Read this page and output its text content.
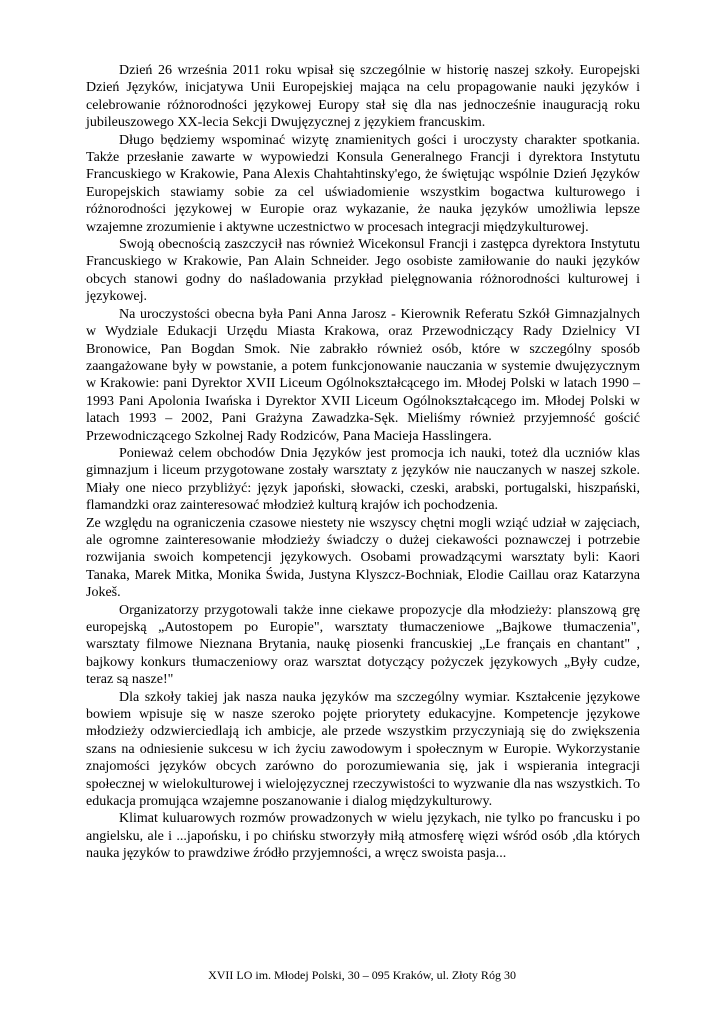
Dzień 26 września 2011 roku wpisał się szczególnie w historię naszej szkoły. Europejski Dzień Języków, inicjatywa Unii Europejskiej mająca na celu propagowanie nauki języków i celebrowanie różnorodności językowej Europy stał się dla nas jednocześnie inauguracją roku jubileuszowego XX-lecia Sekcji Dwujęzycznej z językiem francuskim.

Długo będziemy wspominać wizytę znamienitych gości i uroczysty charakter spotkania. Także przesłanie zawarte w wypowiedzi Konsula Generalnego Francji i dyrektora Instytutu Francuskiego w Krakowie, Pana Alexis Chahtahtinsky'ego, że świętując wspólnie Dzień Języków Europejskich stawiamy sobie za cel uświadomienie wszystkim bogactwa kulturowego i różnorodności językowej w Europie oraz wykazanie, że nauka języków umożliwia lepsze wzajemne zrozumienie i aktywne uczestnictwo w procesach integracji międzykulturowej.

Swoją obecnością zaszczycił nas również Wicekonsul Francji i zastępca dyrektora Instytutu Francuskiego w Krakowie, Pan Alain Schneider. Jego osobiste zamiłowanie do nauki języków obcych stanowi godny do naśladowania przykład pielęgnowania różnorodności kulturowej i językowej.

Na uroczystości obecna była Pani Anna Jarosz - Kierownik Referatu Szkół Gimnazjalnych w Wydziale Edukacji Urzędu Miasta Krakowa, oraz Przewodniczący Rady Dzielnicy VI Bronowice, Pan Bogdan Smok. Nie zabrakło również osób, które w szczególny sposób zaangażowane były w powstanie, a potem funkcjonowanie nauczania w systemie dwujęzycznym w Krakowie: pani Dyrektor XVII Liceum Ogólnokształcącego im. Młodej Polski w latach 1990 – 1993 Pani Apolonia Iwańska i Dyrektor XVII Liceum Ogólnokształcącego im. Młodej Polski w latach 1993 – 2002, Pani Grażyna Zawadzka-Sęk. Mieliśmy również przyjemność gościć Przewodniczącego Szkolnej Rady Rodziców, Pana Macieja Hasslingera.

Ponieważ celem obchodów Dnia Języków jest promocja ich nauki, toteż dla uczniów klas gimnazjum i liceum przygotowane zostały warsztaty z języków nie nauczanych w naszej szkole. Miały one nieco przybliżyć: język japoński, słowacki, czeski, arabski, portugalski, hiszpański, flamandzki oraz zainteresować młodzież kulturą krajów ich pochodzenia.

Ze względu na ograniczenia czasowe niestety nie wszyscy chętni mogli wziąć udział w zajęciach, ale ogromne zainteresowanie młodzieży świadczy o dużej ciekawości poznawczej i potrzebie rozwijania swoich kompetencji językowych. Osobami prowadzącymi warsztaty byli: Kaori Tanaka, Marek Mitka, Monika Świda, Justyna Klyszcz-Bochniak, Elodie Caillau oraz Katarzyna Jokeš.

Organizatorzy przygotowali także inne ciekawe propozycje dla młodzieży: planszową grę europejską „Autostopem po Europie", warsztaty tłumaczeniowe „Bajkowe tłumaczenia", warsztaty filmowe Nieznana Brytania, naukę piosenki francuskiej „Le français en chantant" , bajkowy konkurs tłumaczeniowy oraz warsztat dotyczący pożyczek językowych „Były cudze, teraz są nasze!"

Dla szkoły takiej jak nasza nauka języków ma szczególny wymiar. Kształcenie językowe bowiem wpisuje się w nasze szeroko pojęte priorytety edukacyjne. Kompetencje językowe młodzieży odzwierciedlają ich ambicje, ale przede wszystkim przyczyniają się do zwiększenia szans na odniesienie sukcesu w ich życiu zawodowym i społecznym w Europie. Wykorzystanie znajomości języków obcych zarówno do porozumiewania się, jak i wspierania integracji społecznej w wielokulturowej i wielojęzycznej rzeczywistości to wyzwanie dla nas wszystkich. To edukacja promująca wzajemne poszanowanie i dialog międzykulturowy.

Klimat kuluarowych rozmów prowadzonych w wielu językach, nie tylko po francusku i po angielsku, ale i ...japońsku, i po chińsku stworzyły miłą atmosferę więzi wśród osób ,dla których nauka języków to prawdziwe źródło przyjemności, a wręcz swoista pasja...

XVII LO im. Młodej Polski, 30 – 095 Kraków, ul. Złoty Róg 30
